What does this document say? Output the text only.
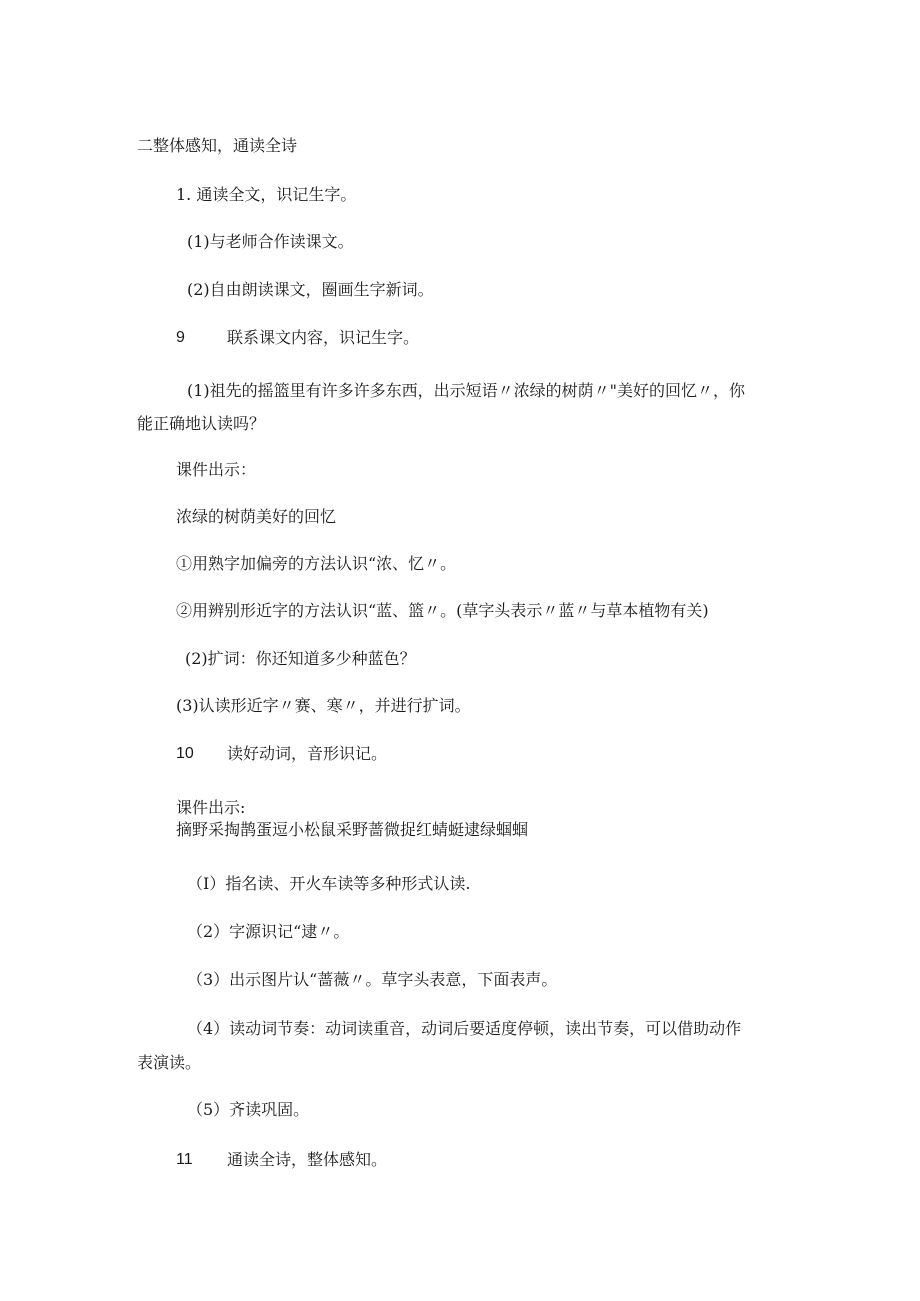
二整体感知，通读全诗
1. 通读全文，识记生字。
(1)与老师合作读课文。
(2)自由朗读课文，圈画生字新词。
9	联系课文内容，识记生字。
(1)祖先的摇篮里有许多许多东西，出示短语〃浓绿的树荫〃"美好的回忆〃，你
能正确地认读吗？
课件出示：
浓绿的树荫美好的回忆
①用熟字加偏旁的方法认识“浓、忆〃。
②用辨别形近字的方法认识“蓝、篮〃。(草字头表示〃蓝〃与草本植物有关)
(2)扩词：你还知道多少种蓝色？
(3)认读形近字〃赛、寒〃，并进行扩词。
10 读好动词，音形识记。
课件出示:
摘野采掏鹊蛋逗小松鼠采野蔷微捉红蜻蜓逮绿蝈蝈
（I）指名读、开火车读等多种形式认读.
（2）字源识记“逮〃。
（3）出示图片认“蔷薇〃。草字头表意，下面表声。
（4）读动词节奏：动词读重音，动词后要适度停顿，读出节奏，可以借助动作
表演读。
（5）齐读巩固。
11 通读全诗，整体感知。
